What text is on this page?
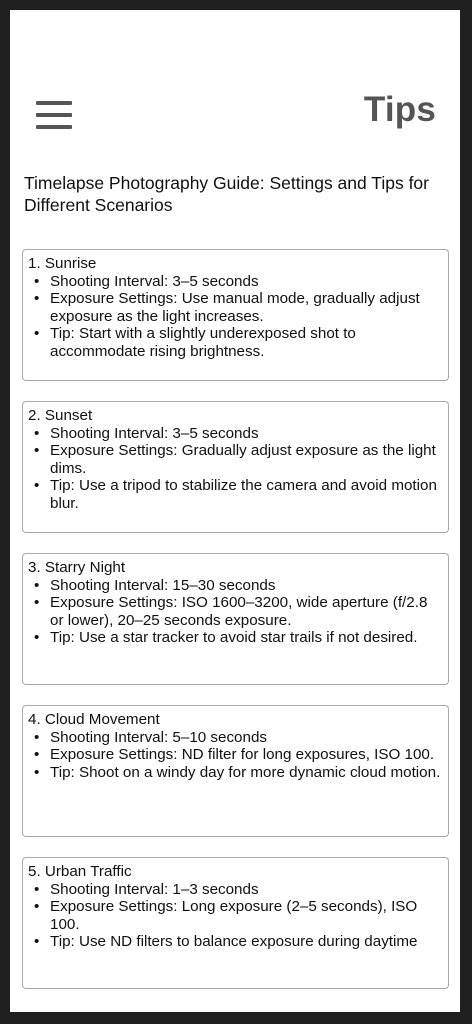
Tips
Timelapse Photography Guide: Settings and Tips for Different Scenarios
1. Sunrise
• Shooting Interval: 3–5 seconds
• Exposure Settings: Use manual mode, gradually adjust exposure as the light increases.
• Tip: Start with a slightly underexposed shot to accommodate rising brightness.
2. Sunset
• Shooting Interval: 3–5 seconds
• Exposure Settings: Gradually adjust exposure as the light dims.
• Tip: Use a tripod to stabilize the camera and avoid motion blur.
3. Starry Night
• Shooting Interval: 15–30 seconds
• Exposure Settings: ISO 1600–3200, wide aperture (f/2.8 or lower), 20–25 seconds exposure.
• Tip: Use a star tracker to avoid star trails if not desired.
4. Cloud Movement
• Shooting Interval: 5–10 seconds
• Exposure Settings: ND filter for long exposures, ISO 100.
• Tip: Shoot on a windy day for more dynamic cloud motion.
5. Urban Traffic
• Shooting Interval: 1–3 seconds
• Exposure Settings: Long exposure (2–5 seconds), ISO 100.
• Tip: Use ND filters to balance exposure during daytime
